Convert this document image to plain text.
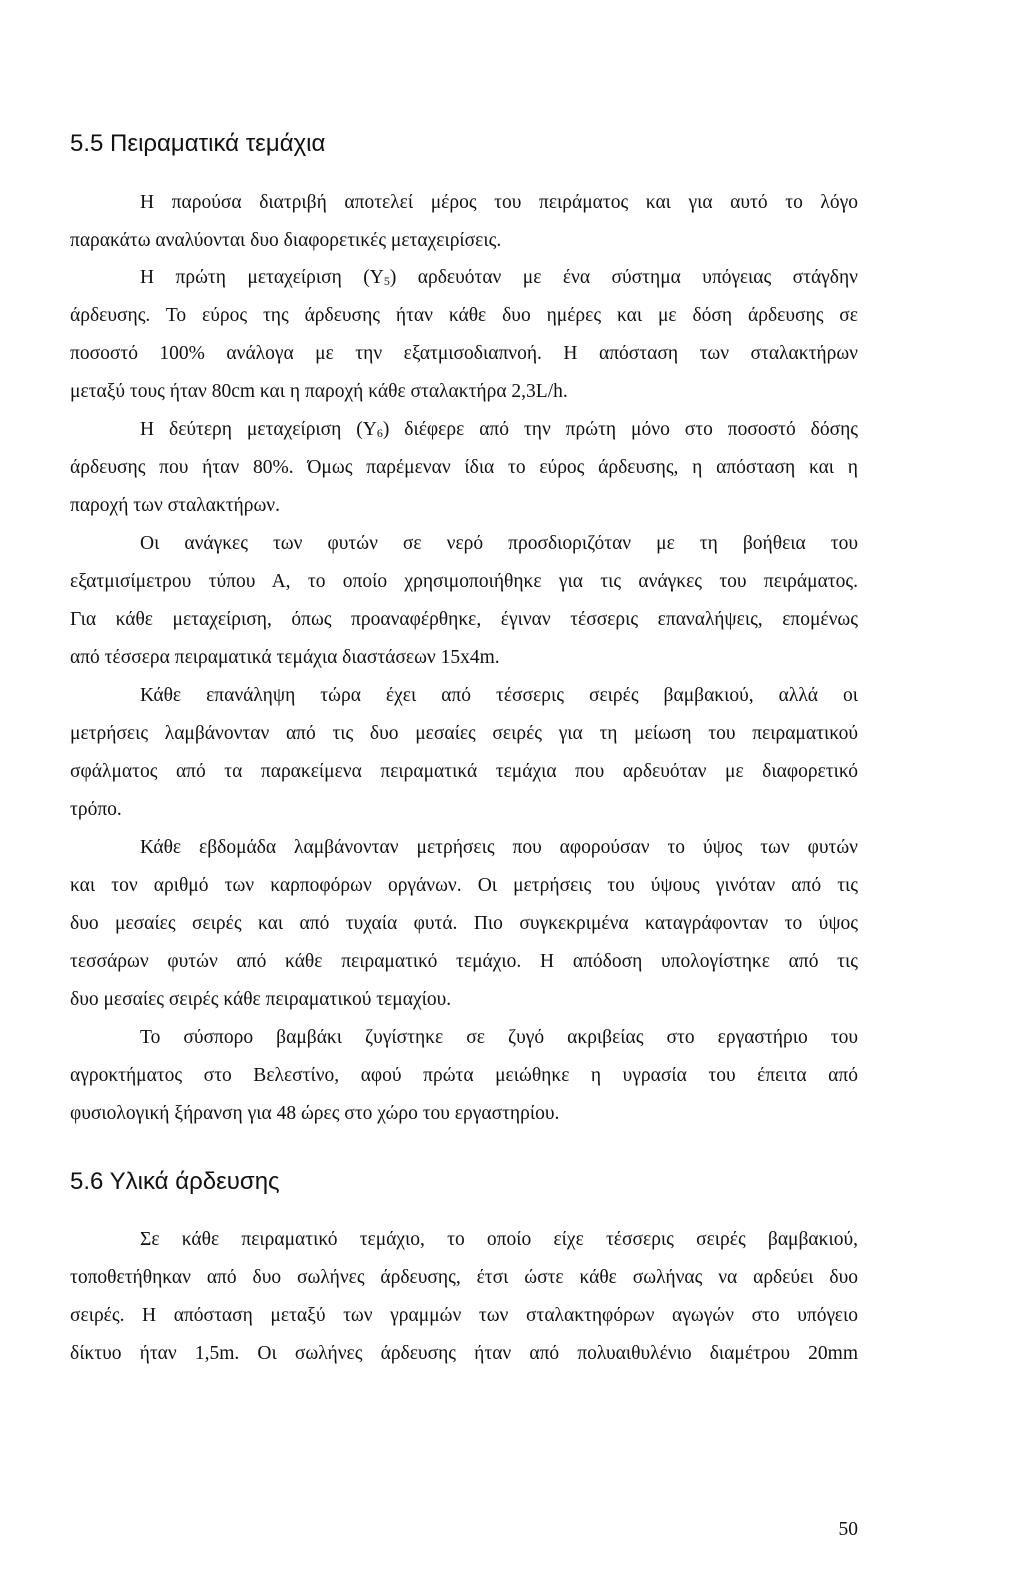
5.5 Πειραματικά τεμάχια

Η παρούσα διατριβή αποτελεί μέρος του πειράματος και για αυτό το λόγο

παρακάτω αναλύονται δυο διαφορετικές μεταχειρίσεις.

Η πρώτη μεταχείριση $(Y_5)$ αρδευόταν με ένα σύστημα υπόγειας στάγδην

άρδευσης. Το εύρος της άρδευσης ήταν κάθε δυο ημέρες και με δόση άρδευσης σε

ποσοστό 100% ανάλογα με την εξατμισοδιαπνοή. Η απόσταση των σταλακτήρων

μεταξύ τους ήταν 80cm και η παροχή κάθε σταλακτήρα 2,3L/h.

Η δεύτερη μεταχείριση $(Y_6)$ διέφερε από την πρώτη μόνο στο ποσοστό δόσης

άρδευσης που ήταν 80%. Όμως παρέμεναν ίδια το εύρος άρδευσης, η απόσταση και η

παροχή των σταλακτήρων.

Οι ανάγκες των φυτών σε νερό προσδιοριζόταν με τη βοήθεια του

εξατμισίμετρου τύπου Α, το οποίο χρησιμοποιήθηκε για τις ανάγκες του πειράματος.

Για κάθε μεταχείριση, όπως προαναφέρθηκε, έγιναν τέσσερις επαναλήψεις, επομένως

από τέσσερα πειραματικά τεμάχια διαστάσεων 15x4m.

Κάθε επανάληψη τώρα έχει από τέσσερις σειρές βαμβακιού, αλλά οι

μετρήσεις λαμβάνονταν από τις δυο μεσαίες σειρές για τη μείωση του πειραματικού

σφάλματος από τα παρακείμενα πειραματικά τεμάχια που αρδευόταν με διαφορετικό

τρόπο.

Κάθε εβδομάδα λαμβάνονταν μετρήσεις που αφορούσαν το ύψος των φυτών

και τον αριθμό των καρποφόρων οργάνων. Οι μετρήσεις του ύψους γινόταν από τις

δυο μεσαίες σειρές και από τυχαία φυτά. Πιο συγκεκριμένα καταγράφονταν το ύψος

τεσσάρων φυτών από κάθε πειραματικό τεμάχιο. Η απόδοση υπολογίστηκε από τις

δυο μεσαίες σειρές κάθε πειραματικού τεμαχίου.

Το σύσπορο βαμβάκι ζυγίστηκε σε ζυγό ακριβείας στο εργαστήριο του

αγροκτήματος στο Βελεστίνο, αφού πρώτα μειώθηκε η υγρασία του έπειτα από

φυσιολογική ξήρανση για 48 ώρες στο χώρο του εργαστηρίου.

5.6 Υλικά άρδευσης

Σε κάθε πειραματικό τεμάχιο, το οποίο είχε τέσσερις σειρές βαμβακιού,

τοποθετήθηκαν από δυο σωλήνες άρδευσης, έτσι ώστε κάθε σωλήνας να αρδεύει δυο

σειρές. Η απόσταση μεταξύ των γραμμών των σταλακτηφόρων αγωγών στο υπόγειο

δίκτυο ήταν 1,5m. Οι σωλήνες άρδευσης ήταν από πολυαιθυλένιο διαμέτρου 20mm

50
